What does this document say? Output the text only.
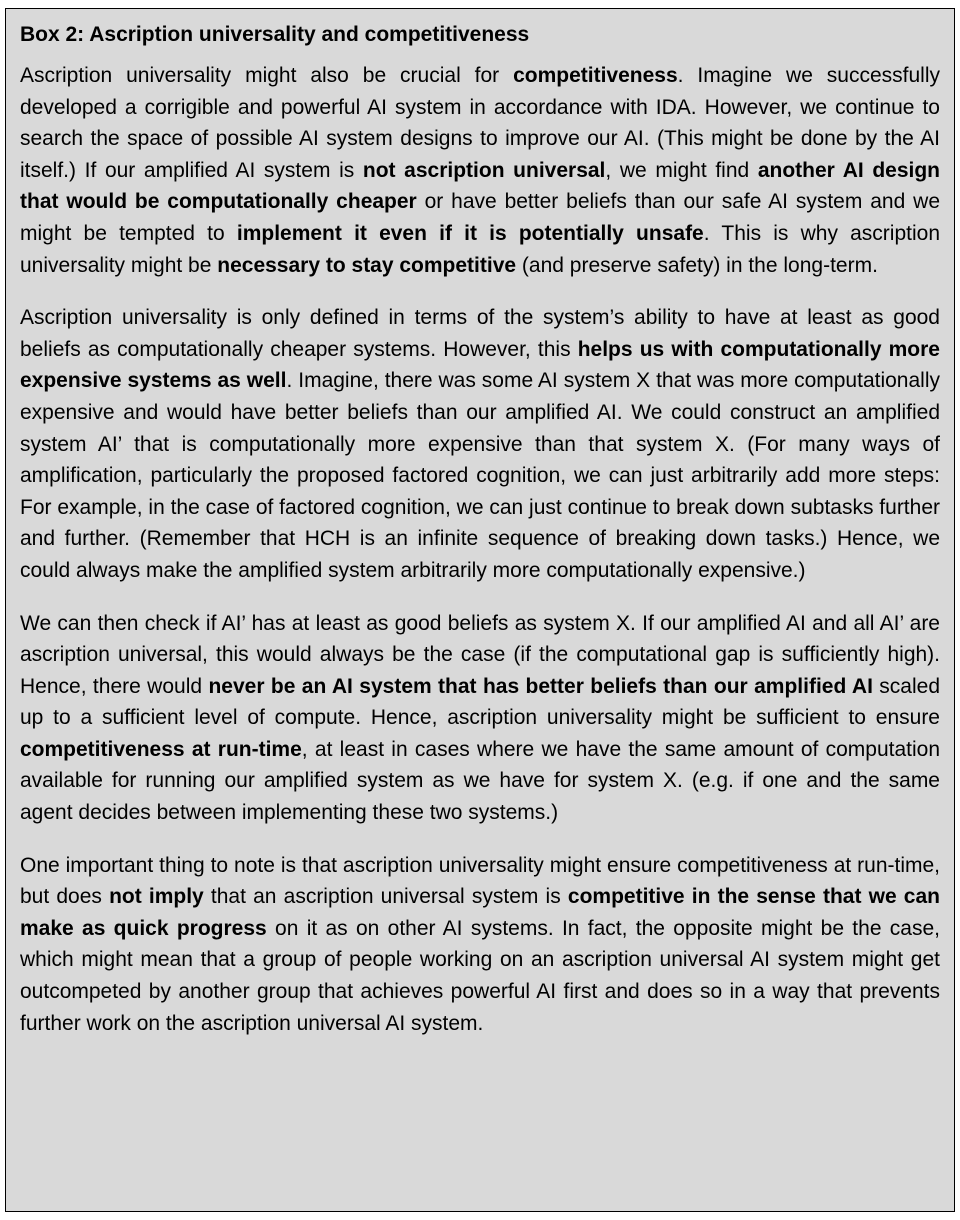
Box 2: Ascription universality and competitiveness

Ascription universality might also be crucial for competitiveness. Imagine we successfully developed a corrigible and powerful AI system in accordance with IDA. However, we continue to search the space of possible AI system designs to improve our AI. (This might be done by the AI itself.) If our amplified AI system is not ascription universal, we might find another AI design that would be computationally cheaper or have better beliefs than our safe AI system and we might be tempted to implement it even if it is potentially unsafe. This is why ascription universality might be necessary to stay competitive (and preserve safety) in the long-term.

Ascription universality is only defined in terms of the system’s ability to have at least as good beliefs as computationally cheaper systems. However, this helps us with computationally more expensive systems as well. Imagine, there was some AI system X that was more computationally expensive and would have better beliefs than our amplified AI. We could construct an amplified system AI’ that is computationally more expensive than that system X. (For many ways of amplification, particularly the proposed factored cognition, we can just arbitrarily add more steps: For example, in the case of factored cognition, we can just continue to break down subtasks further and further. (Remember that HCH is an infinite sequence of breaking down tasks.) Hence, we could always make the amplified system arbitrarily more computationally expensive.)

We can then check if AI’ has at least as good beliefs as system X. If our amplified AI and all AI’ are ascription universal, this would always be the case (if the computational gap is sufficiently high). Hence, there would never be an AI system that has better beliefs than our amplified AI scaled up to a sufficient level of compute. Hence, ascription universality might be sufficient to ensure competitiveness at run-time, at least in cases where we have the same amount of computation available for running our amplified system as we have for system X. (e.g. if one and the same agent decides between implementing these two systems.)

One important thing to note is that ascription universality might ensure competitiveness at run-time, but does not imply that an ascription universal system is competitive in the sense that we can make as quick progress on it as on other AI systems. In fact, the opposite might be the case, which might mean that a group of people working on an ascription universal AI system might get outcompeted by another group that achieves powerful AI first and does so in a way that prevents further work on the ascription universal AI system.
